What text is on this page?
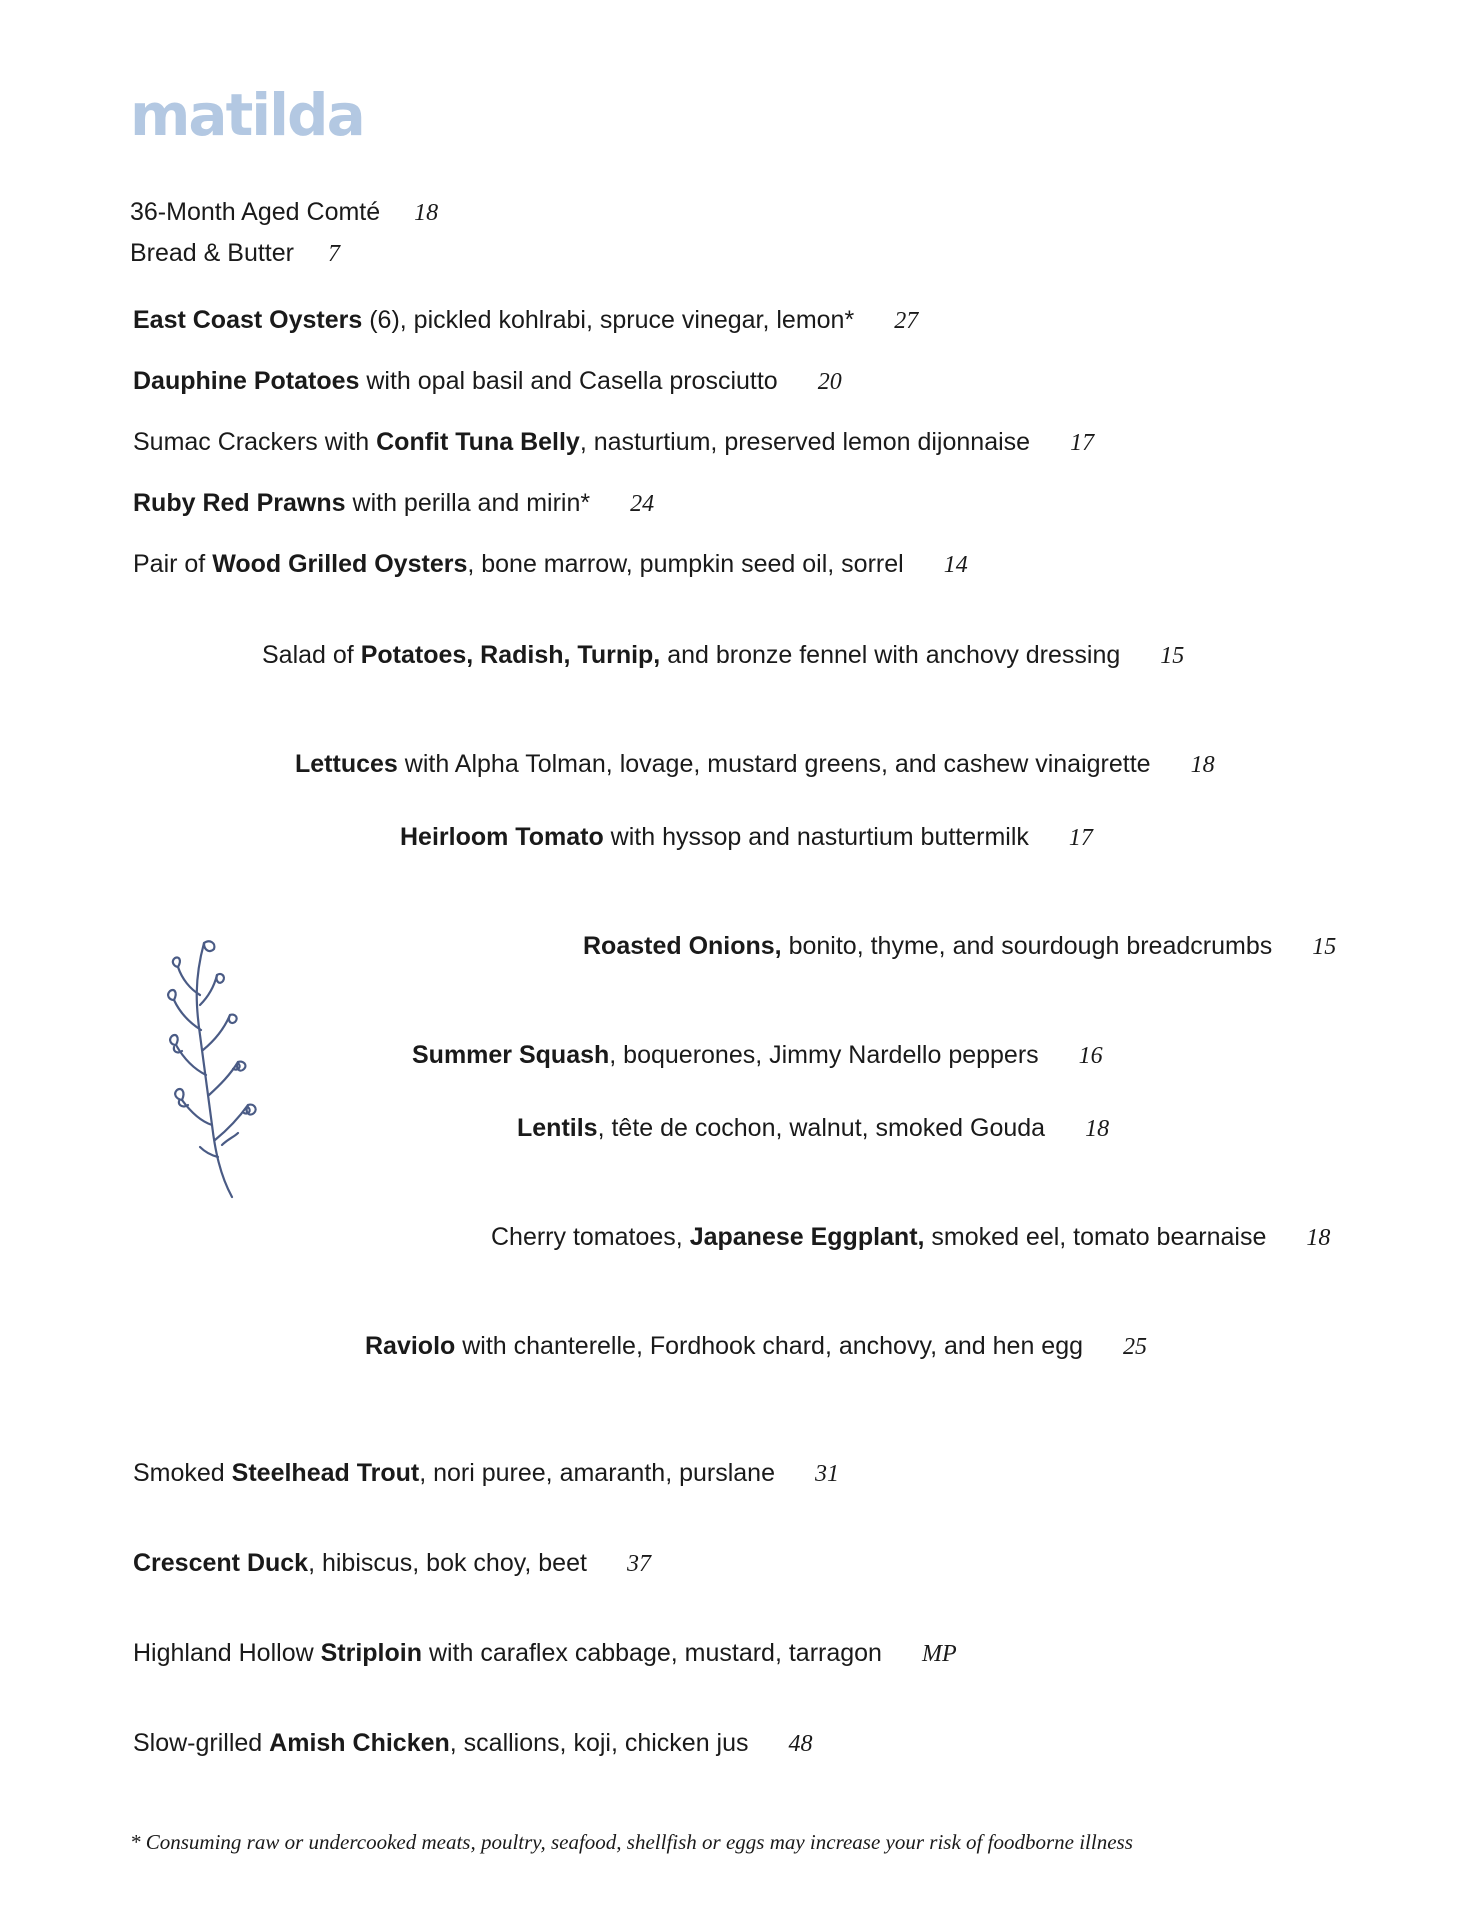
matilda
36-Month Aged Comté 18
Bread & Butter 7
East Coast Oysters (6), pickled kohlrabi, spruce vinegar, lemon* 27
Dauphine Potatoes with opal basil and Casella prosciutto 20
Sumac Crackers with Confit Tuna Belly, nasturtium, preserved lemon dijonnaise 17
Ruby Red Prawns with perilla and mirin* 24
Pair of Wood Grilled Oysters, bone marrow, pumpkin seed oil, sorrel 14
Salad of Potatoes, Radish, Turnip, and bronze fennel with anchovy dressing 15
Lettuces with Alpha Tolman, lovage, mustard greens, and cashew vinaigrette 18
Heirloom Tomato with hyssop and nasturtium buttermilk 17
Roasted Onions, bonito, thyme, and sourdough breadcrumbs 15
Summer Squash, boquerones, Jimmy Nardello peppers 16
Lentils, tête de cochon, walnut, smoked Gouda 18
Cherry tomatoes, Japanese Eggplant, smoked eel, tomato bearnaise 18
Raviolo with chanterelle, Fordhook chard, anchovy, and hen egg 25
Smoked Steelhead Trout, nori puree, amaranth, purslane 31
Crescent Duck, hibiscus, bok choy, beet 37
Highland Hollow Striploin with caraflex cabbage, mustard, tarragon MP
Slow-grilled Amish Chicken, scallions, koji, chicken jus 48
* Consuming raw or undercooked meats, poultry, seafood, shellfish or eggs may increase your risk of foodborne illness
